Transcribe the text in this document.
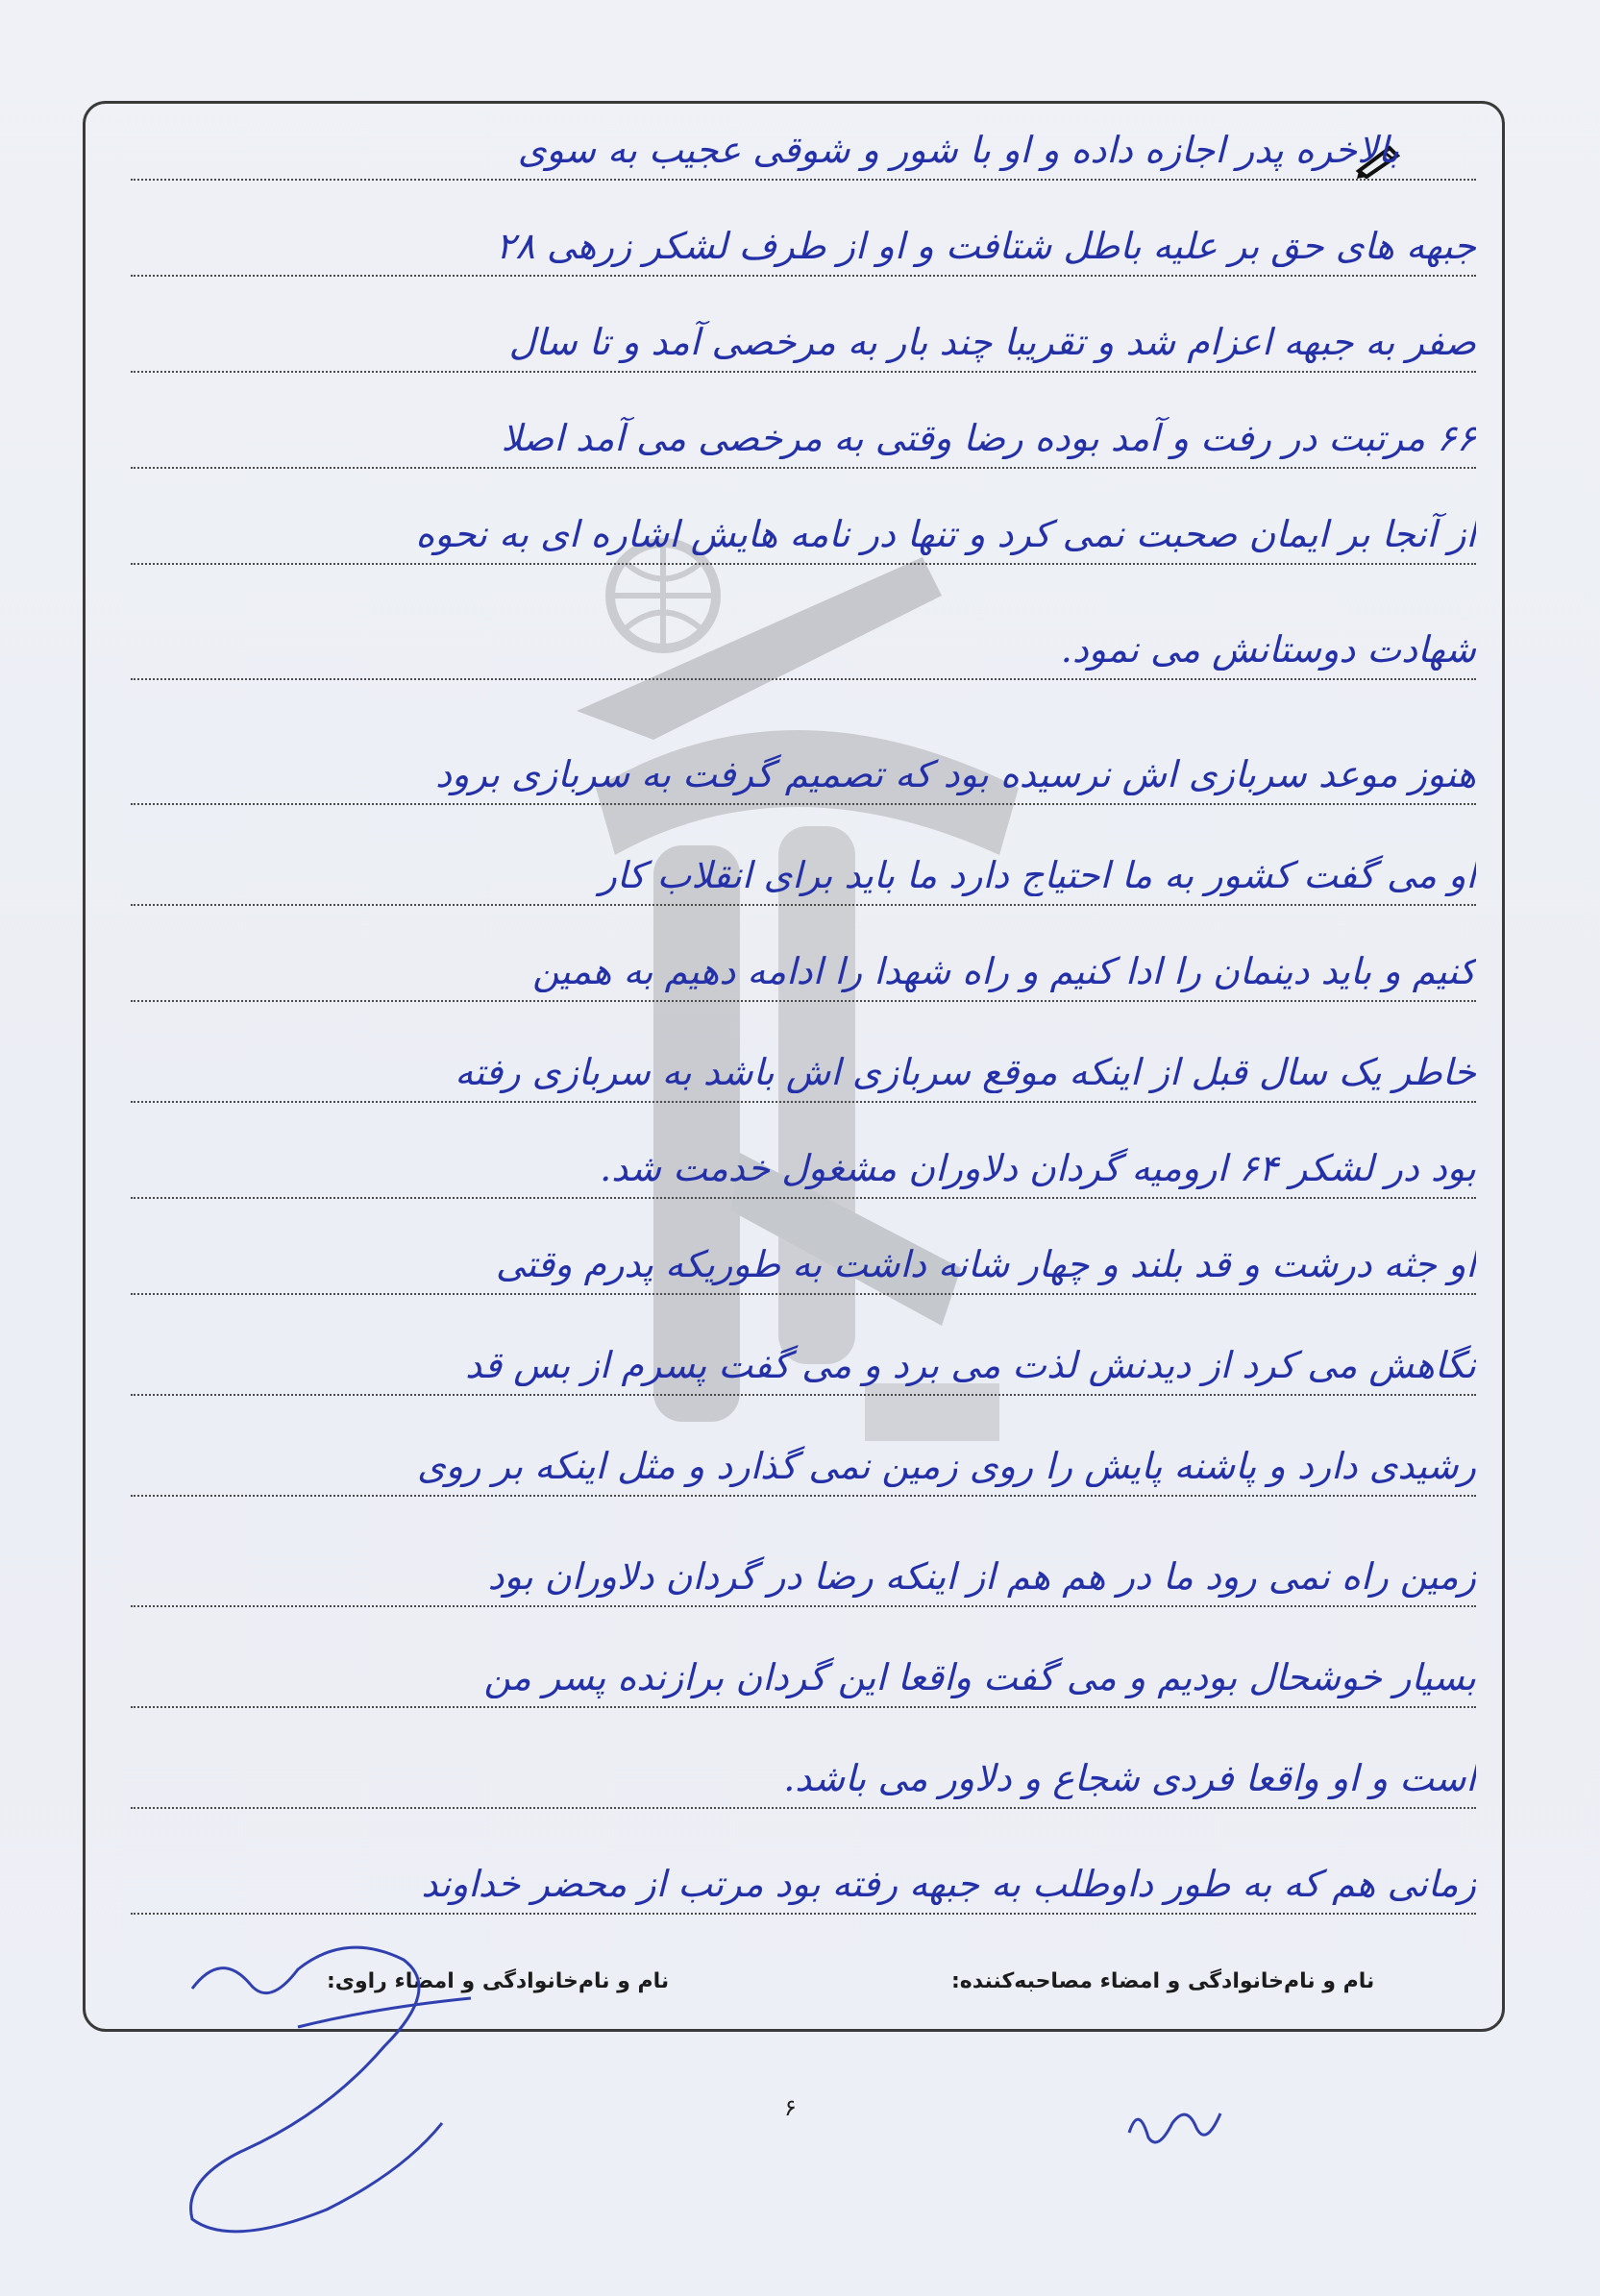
بالاخره پدر اجازه داده و او با شور و شوقی عجیب به سوی
جبهه های حق بر علیه باطل شتافت و او از طرف لشکر زرهی ۲۸
صفر به جبهه اعزام شد و تقریبا چند بار به مرخصی آمد و تا سال
۶۶ مرتبت در رفت و آمد بوده رضا وقتی به مرخصی می آمد اصلا
از آنجا بر ایمان صحبت نمی کرد و تنها در نامه هایش اشاره ای به نحوه
شهادت دوستانش می نمود.
هنوز موعد سربازی اش نرسیده بود که تصمیم گرفت به سربازی برود
او می گفت کشور به ما احتیاج دارد ما باید برای انقلاب کار
کنیم و باید دینمان را ادا کنیم و راه شهدا را ادامه دهیم به همین
خاطر یک سال قبل از اینکه موقع سربازی اش باشد به سربازی رفته
بود در لشکر ۶۴ ارومیه گردان دلاوران مشغول خدمت شد.
او جثه درشت و قد بلند و چهار شانه داشت به طوریکه پدرم وقتی
نگاهش می کرد از دیدنش لذت می برد و می گفت پسرم از بس قد
رشیدی دارد و پاشنه پایش را روی زمین نمی گذارد و مثل اینکه بر روی
زمین راه نمی رود ما در هم هم از اینکه رضا در گردان دلاوران بود
بسیار خوشحال بودیم و می گفت واقعا این گردان برازنده پسر من
است و او واقعا فردی شجاع و دلاور می باشد.
زمانی هم که به طور داوطلب به جبهه رفته بود مرتب از محضر خداوند
نام و نام‌خانوادگی و امضاء مصاحبه‌کننده:
نام و نام‌خانوادگی و امضاء راوی:
۶
